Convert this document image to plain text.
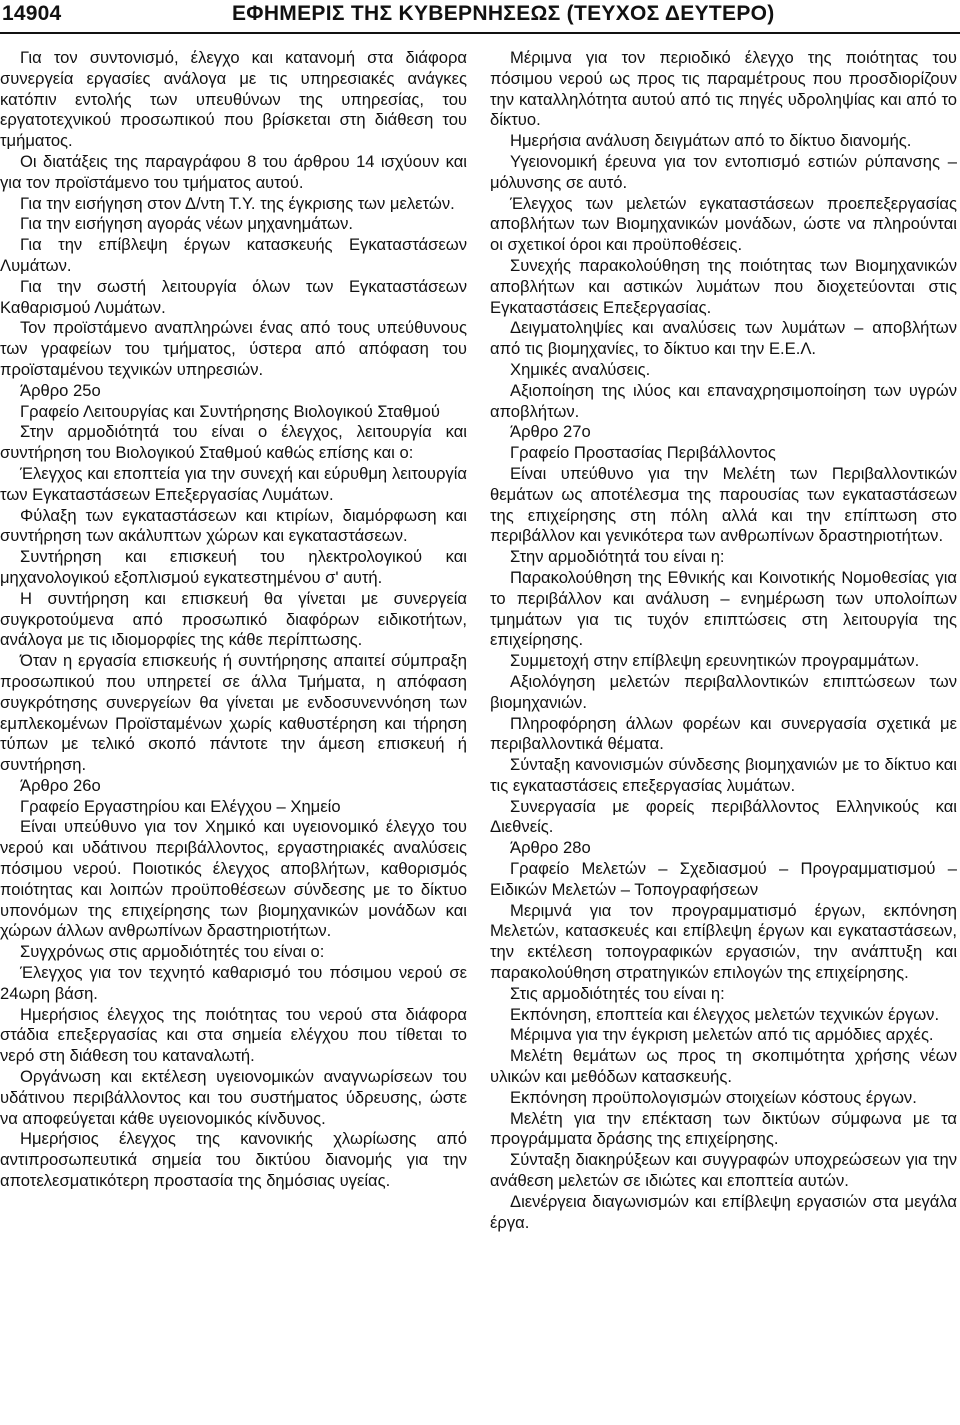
14904	ΕΦΗΜΕΡΙΣ ΤΗΣ ΚΥΒΕΡΝΗΣΕΩΣ (ΤΕΥΧΟΣ ΔΕΥΤΕΡΟ)

Για τον συντονισμό, έλεγχο και κατανομή στα διάφορα συνεργεία εργασίες ανάλογα με τις υπηρεσιακές ανάγκες κατόπιν εντολής των υπευθύνων της υπηρεσίας, του εργατοτεχνικού προσωπικού που βρίσκεται στη διάθεση του τμήματος.

Οι διατάξεις της παραγράφου 8 του άρθρου 14 ισχύουν και για τον προϊστάμενο του τμήματος αυτού.

Για την εισήγηση στον Δ/ντη Τ.Υ. της έγκρισης των μελετών.

Για την εισήγηση αγοράς νέων μηχανημάτων.

Για την επίβλεψη έργων κατασκευής Εγκαταστάσεων Λυμάτων.

Για την σωστή λειτουργία όλων των Εγκαταστάσεων Καθαρισμού Λυμάτων.

Τον προϊστάμενο αναπληρώνει ένας από τους υπεύθυνους των γραφείων του τμήματος, ύστερα από απόφαση του προϊσταμένου τεχνικών υπηρεσιών.

Άρθρο 25ο

Γραφείο Λειτουργίας και Συντήρησης Βιολογικού Σταθμού

Στην αρμοδιότητά του είναι ο έλεγχος, λειτουργία και συντήρηση του Βιολογικού Σταθμού καθώς επίσης και ο:

Έλεγχος και εποπτεία για την συνεχή και εύρυθμη λειτουργία των Εγκαταστάσεων Επεξεργασίας Λυμάτων.

Φύλαξη των εγκαταστάσεων και κτιρίων, διαμόρφωση και συντήρηση των ακάλυπτων χώρων και εγκαταστάσεων.

Συντήρηση και επισκευή του ηλεκτρολογικού και μηχανολογικού εξοπλισμού εγκατεστημένου σ' αυτή.

Η συντήρηση και επισκευή θα γίνεται με συνεργεία συγκροτούμενα από προσωπικό διαφόρων ειδικοτήτων, ανάλογα με τις ιδιομορφίες της κάθε περίπτωσης.

Όταν η εργασία επισκευής ή συντήρησης απαιτεί σύμπραξη προσωπικού που υπηρετεί σε άλλα Τμήματα, η απόφαση συγκρότησης συνεργείων θα γίνεται με ενδοσυνεννόηση των εμπλεκομένων Προϊσταμένων χωρίς καθυστέρηση και τήρηση τύπων με τελικό σκοπό πάντοτε την άμεση επισκευή ή συντήρηση.

Άρθρο 26ο

Γραφείο Εργαστηρίου και Ελέγχου – Χημείο

Είναι υπεύθυνο για τον Χημικό και υγειονομικό έλεγχο του νερού και υδάτινου περιβάλλοντος, εργαστηριακές αναλύσεις πόσιμου νερού. Ποιοτικός έλεγχος αποβλήτων, καθορισμός ποιότητας και λοιπών προϋποθέσεων σύνδεσης με το δίκτυο υπονόμων της επιχείρησης των βιομηχανικών μονάδων και χώρων άλλων ανθρωπίνων δραστηριοτήτων.

Συγχρόνως στις αρμοδιότητές του είναι ο:

Έλεγχος για τον τεχνητό καθαρισμό του πόσιμου νερού σε 24ωρη βάση.

Ημερήσιος έλεγχος της ποιότητας του νερού στα διάφορα στάδια επεξεργασίας και στα σημεία ελέγχου που τίθεται το νερό στη διάθεση του καταναλωτή.

Οργάνωση και εκτέλεση υγειονομικών αναγνωρίσεων του υδάτινου περιβάλλοντος και του συστήματος ύδρευσης, ώστε να αποφεύγεται κάθε υγειονομικός κίνδυνος.

Ημερήσιος έλεγχος της κανονικής χλωρίωσης από αντιπροσωπευτικά σημεία του δικτύου διανομής για την αποτελεσματικότερη προστασία της δημόσιας υγείας.

Μέριμνα για τον περιοδικό έλεγχο της ποιότητας του πόσιμου νερού ως προς τις παραμέτρους που προσδιορίζουν την καταλληλότητα αυτού από τις πηγές υδροληψίας και από το δίκτυο.

Ημερήσια ανάλυση δειγμάτων από το δίκτυο διανομής.

Υγειονομική έρευνα για τον εντοπισμό εστιών ρύπανσης – μόλυνσης σε αυτό.

Έλεγχος των μελετών εγκαταστάσεων προεπεξεργασίας αποβλήτων των Βιομηχανικών μονάδων, ώστε να πληρούνται οι σχετικοί όροι και προϋποθέσεις.

Συνεχής παρακολούθηση της ποιότητας των Βιομηχανικών αποβλήτων και αστικών λυμάτων που διοχετεύονται στις Εγκαταστάσεις Επεξεργασίας.

Δειγματοληψίες και αναλύσεις των λυμάτων – αποβλήτων από τις βιομηχανίες, το δίκτυο και την Ε.Ε.Λ.

Χημικές αναλύσεις.

Αξιοποίηση της ιλύος και επαναχρησιμοποίηση των υγρών αποβλήτων.

Άρθρο 27ο

Γραφείο Προστασίας Περιβάλλοντος

Είναι υπεύθυνο για την Μελέτη των Περιβαλλοντικών θεμάτων ως αποτέλεσμα της παρουσίας των εγκαταστάσεων της επιχείρησης στη πόλη αλλά και την επίπτωση στο περιβάλλον και γενικότερα των ανθρωπίνων δραστηριοτήτων.

Στην αρμοδιότητά του είναι η:

Παρακολούθηση της Εθνικής και Κοινοτικής Νομοθεσίας για το περιβάλλον και ανάλυση – ενημέρωση των υπολοίπων τμημάτων για τις τυχόν επιπτώσεις στη λειτουργία της επιχείρησης.

Συμμετοχή στην επίβλεψη ερευνητικών προγραμμάτων.

Αξιολόγηση μελετών περιβαλλοντικών επιπτώσεων των βιομηχανιών.

Πληροφόρηση άλλων φορέων και συνεργασία σχετικά με περιβαλλοντικά θέματα.

Σύνταξη κανονισμών σύνδεσης βιομηχανιών με το δίκτυο και τις εγκαταστάσεις επεξεργασίας λυμάτων.

Συνεργασία με φορείς περιβάλλοντος Ελληνικούς και Διεθνείς.

Άρθρο 28ο

Γραφείο Μελετών – Σχεδιασμού – Προγραμματισμού – Ειδικών Μελετών – Τοπογραφήσεων

Μεριμνά για τον προγραμματισμό έργων, εκπόνηση Μελετών, κατασκευές και επίβλεψη έργων και εγκαταστάσεων, την εκτέλεση τοπογραφικών εργασιών, την ανάπτυξη και παρακολούθηση στρατηγικών επιλογών της επιχείρησης.

Στις αρμοδιότητές του είναι η:

Εκπόνηση, εποπτεία και έλεγχος μελετών τεχνικών έργων.

Μέριμνα για την έγκριση μελετών από τις αρμόδιες αρχές.

Μελέτη θεμάτων ως προς τη σκοπιμότητα χρήσης νέων υλικών και μεθόδων κατασκευής.

Εκπόνηση προϋπολογισμών στοιχείων κόστους έργων.

Μελέτη για την επέκταση των δικτύων σύμφωνα με τα προγράμματα δράσης της επιχείρησης.

Σύνταξη διακηρύξεων και συγγραφών υποχρεώσεων για την ανάθεση μελετών σε ιδιώτες και εποπτεία αυτών.

Διενέργεια διαγωνισμών και επίβλεψη εργασιών στα μεγάλα έργα.
